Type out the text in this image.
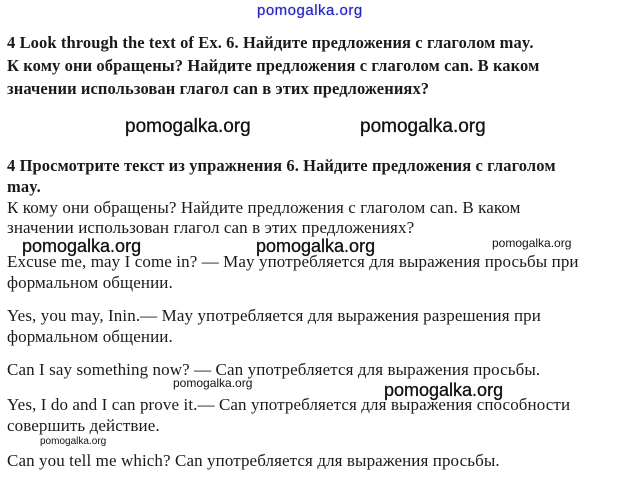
pomogalka.org
4 Look through the text of Ex. 6. Найдите предложения с глаголом may.
К кому они обращены? Найдите предложения с глаголом can. В каком
значении использован глагол can в этих предложениях?
pomogalka.org	pomogalka.org
4 Просмотрите текст из упражнения 6. Найдите предложения с глаголом
may.
К кому они обращены? Найдите предложения с глаголом can. В каком
значении использован глагол can в этих предложениях?
pomogalka.org	pomogalka.org	pomogalka.org
Excuse me, may I come in? — May употребляется для выражения просьбы при
формальном общении.
Yes, you may, Inin.— May употребляется для выражения разрешения при
формальном общении.
Can I say something now? — Can употребляется для выражения просьбы.
pomogalka.org	pomogalka.org
Yes, I do and I can prove it.— Can употребляется для выражения способности
совершить действие.
pomogalka.org
Can you tell me which? Can употребляется для выражения просьбы.
